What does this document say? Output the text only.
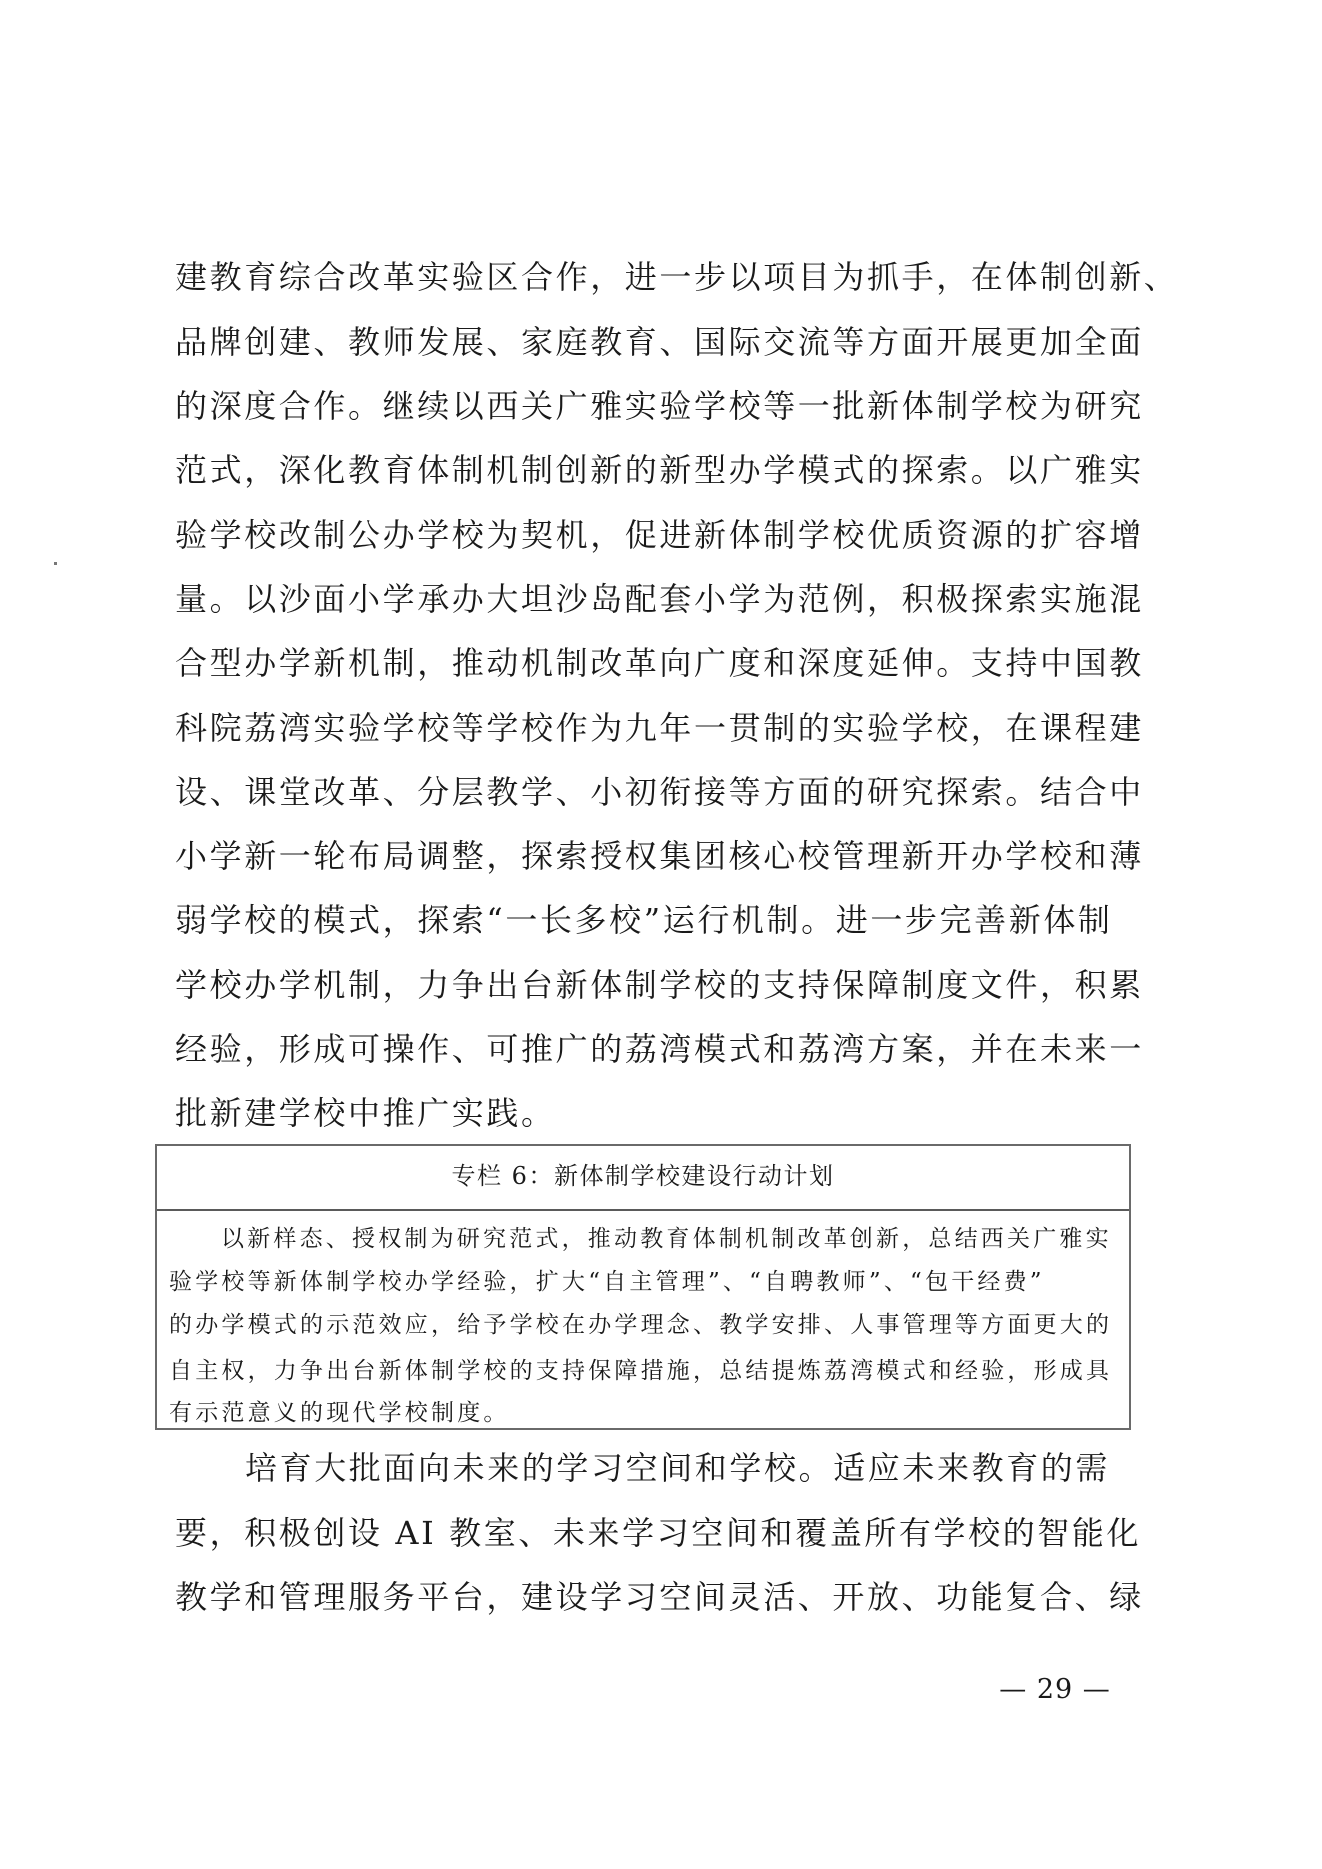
建教育综合改革实验区合作，进一步以项目为抓手，在体制创新、
品牌创建、教师发展、家庭教育、国际交流等方面开展更加全面
的深度合作。继续以西关广雅实验学校等一批新体制学校为研究
范式，深化教育体制机制创新的新型办学模式的探索。以广雅实
验学校改制公办学校为契机，促进新体制学校优质资源的扩容增
量。以沙面小学承办大坦沙岛配套小学为范例，积极探索实施混
合型办学新机制，推动机制改革向广度和深度延伸。支持中国教
科院荔湾实验学校等学校作为九年一贯制的实验学校，在课程建
设、课堂改革、分层教学、小初衔接等方面的研究探索。结合中
小学新一轮布局调整，探索授权集团核心校管理新开办学校和薄
弱学校的模式，探索“一长多校”运行机制。进一步完善新体制
学校办学机制，力争出台新体制学校的支持保障制度文件，积累
经验，形成可操作、可推广的荔湾模式和荔湾方案，并在未来一
批新建学校中推广实践。
专栏 6：新体制学校建设行动计划
以新样态、授权制为研究范式，推动教育体制机制改革创新，总结西关广雅实
验学校等新体制学校办学经验，扩大“自主管理”、“自聘教师”、“包干经费”
的办学模式的示范效应，给予学校在办学理念、教学安排、人事管理等方面更大的
自主权，力争出台新体制学校的支持保障措施，总结提炼荔湾模式和经验，形成具
有示范意义的现代学校制度。
培育大批面向未来的学习空间和学校。适应未来教育的需
要，积极创设 AI 教室、未来学习空间和覆盖所有学校的智能化
教学和管理服务平台，建设学习空间灵活、开放、功能复合、绿
— 29 —
